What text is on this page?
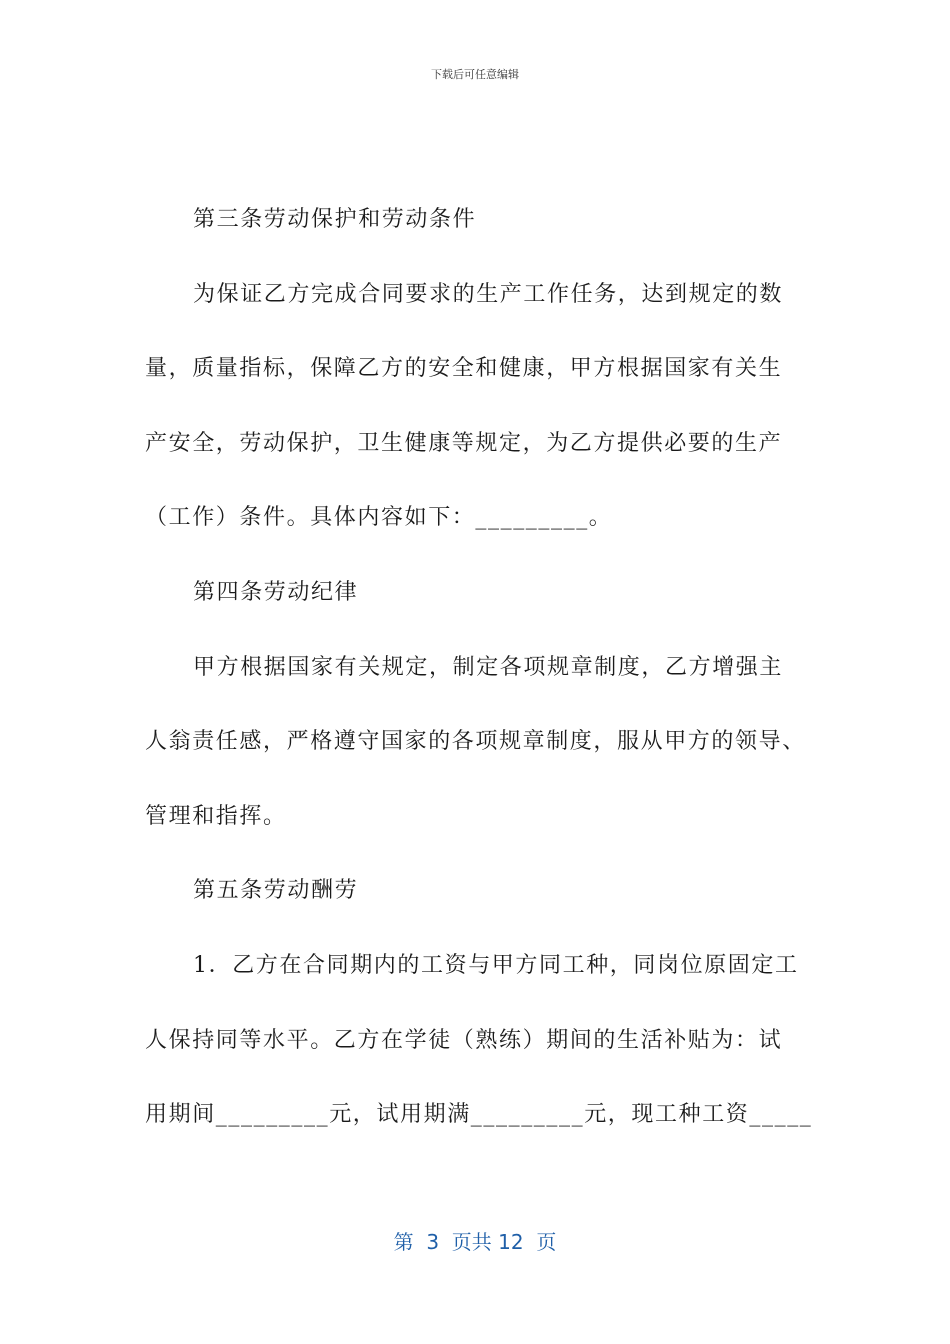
下载后可任意编辑
第三条劳动保护和劳动条件
为保证乙方完成合同要求的生产工作任务，达到规定的数
量，质量指标，保障乙方的安全和健康，甲方根据国家有关生
产安全，劳动保护，卫生健康等规定，为乙方提供必要的生产
（工作）条件。具体内容如下：_________。
第四条劳动纪律
甲方根据国家有关规定，制定各项规章制度，乙方增强主
人翁责任感，严格遵守国家的各项规章制度，服从甲方的领导、
管理和指挥。
第五条劳动酬劳
1．乙方在合同期内的工资与甲方同工种，同岗位原固定工
人保持同等水平。乙方在学徒（熟练）期间的生活补贴为：试
用期间_________元，试用期满_________元，现工种工资_____
第  3  页共 12  页
